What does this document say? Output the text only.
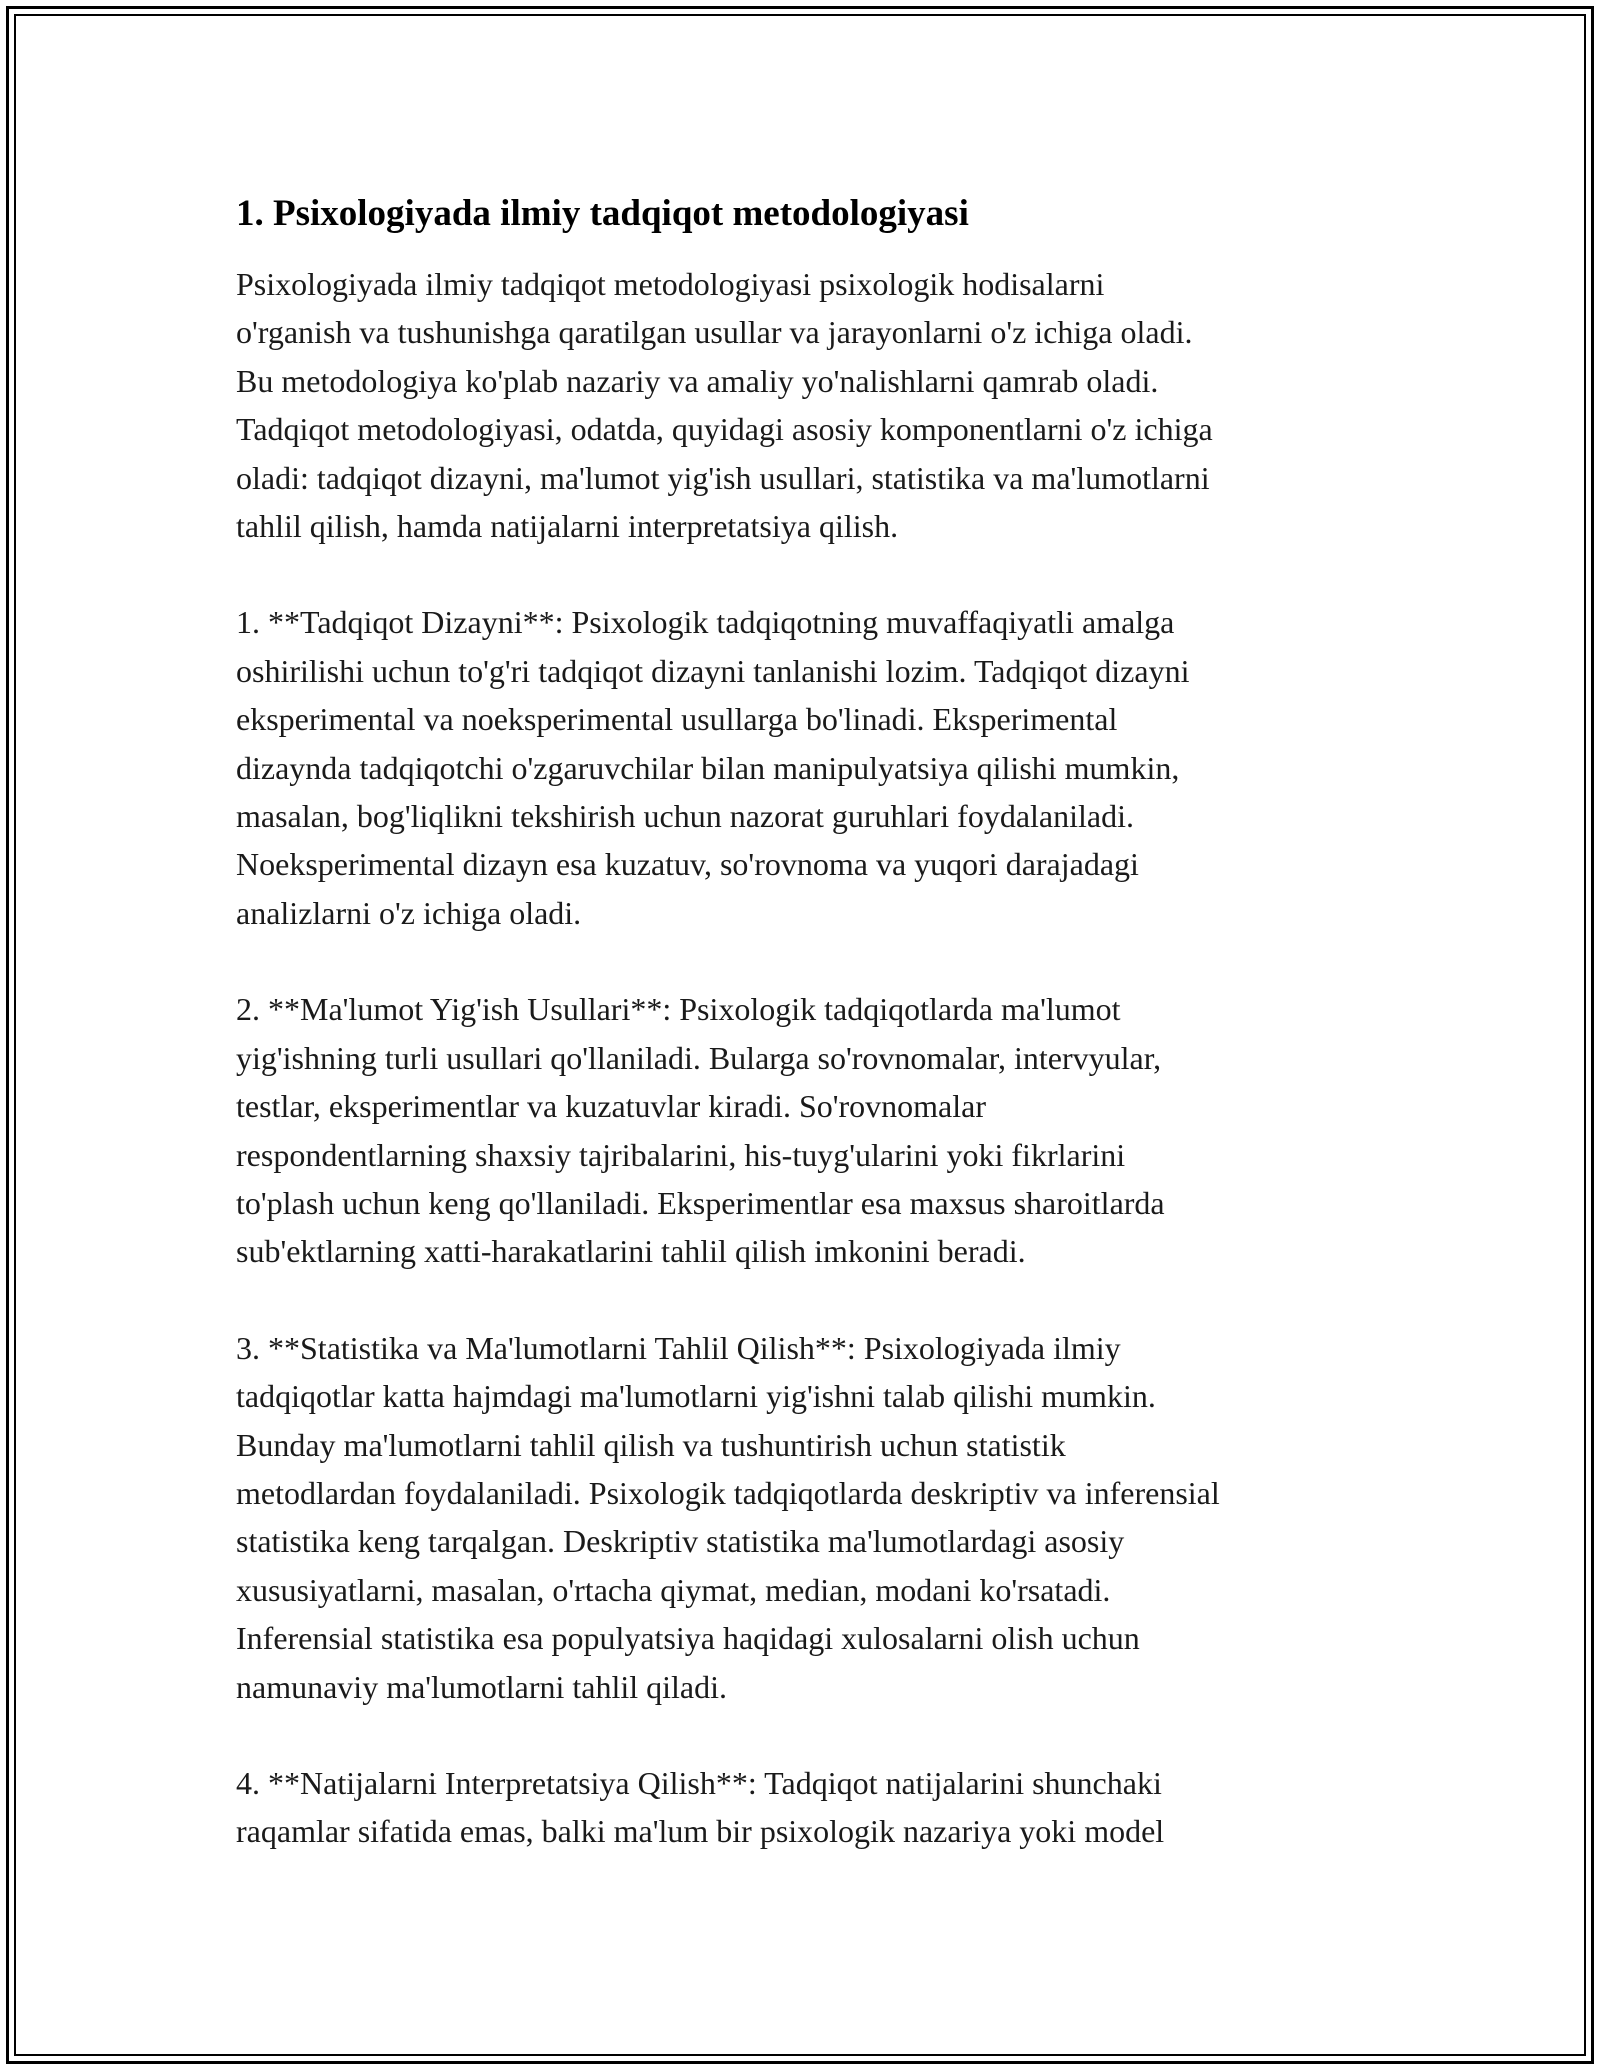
1. Psixologiyada ilmiy tadqiqot metodologiyasi
Psixologiyada ilmiy tadqiqot metodologiyasi psixologik hodisalarni
o'rganish va tushunishga qaratilgan usullar va jarayonlarni o'z ichiga oladi.
Bu metodologiya ko'plab nazariy va amaliy yo'nalishlarni qamrab oladi.
Tadqiqot metodologiyasi, odatda, quyidagi asosiy komponentlarni o'z ichiga
oladi: tadqiqot dizayni, ma'lumot yig'ish usullari, statistika va ma'lumotlarni
tahlil qilish, hamda natijalarni interpretatsiya qilish.
1. **Tadqiqot Dizayni**: Psixologik tadqiqotning muvaffaqiyatli amalga
oshirilishi uchun to'g'ri tadqiqot dizayni tanlanishi lozim. Tadqiqot dizayni
eksperimental va noeksperimental usullarga bo'linadi. Eksperimental
dizaynda tadqiqotchi o'zgaruvchilar bilan manipulyatsiya qilishi mumkin,
masalan, bog'liqlikni tekshirish uchun nazorat guruhlari foydalaniladi.
Noeksperimental dizayn esa kuzatuv, so'rovnoma va yuqori darajadagi
analizlarni o'z ichiga oladi.
2. **Ma'lumot Yig'ish Usullari**: Psixologik tadqiqotlarda ma'lumot
yig'ishning turli usullari qo'llaniladi. Bularga so'rovnomalar, intervyular,
testlar, eksperimentlar va kuzatuvlar kiradi. So'rovnomalar
respondentlarning shaxsiy tajribalarini, his-tuyg'ularini yoki fikrlarini
to'plash uchun keng qo'llaniladi. Eksperimentlar esa maxsus sharoitlarda
sub'ektlarning xatti-harakatlarini tahlil qilish imkonini beradi.
3. **Statistika va Ma'lumotlarni Tahlil Qilish**: Psixologiyada ilmiy
tadqiqotlar katta hajmdagi ma'lumotlarni yig'ishni talab qilishi mumkin.
Bunday ma'lumotlarni tahlil qilish va tushuntirish uchun statistik
metodlardan foydalaniladi. Psixologik tadqiqotlarda deskriptiv va inferensial
statistika keng tarqalgan. Deskriptiv statistika ma'lumotlardagi asosiy
xususiyatlarni, masalan, o'rtacha qiymat, median, modani ko'rsatadi.
Inferensial statistika esa populyatsiya haqidagi xulosalarni olish uchun
namunaviy ma'lumotlarni tahlil qiladi.
4. **Natijalarni Interpretatsiya Qilish**: Tadqiqot natijalarini shunchaki
raqamlar sifatida emas, balki ma'lum bir psixologik nazariya yoki model
